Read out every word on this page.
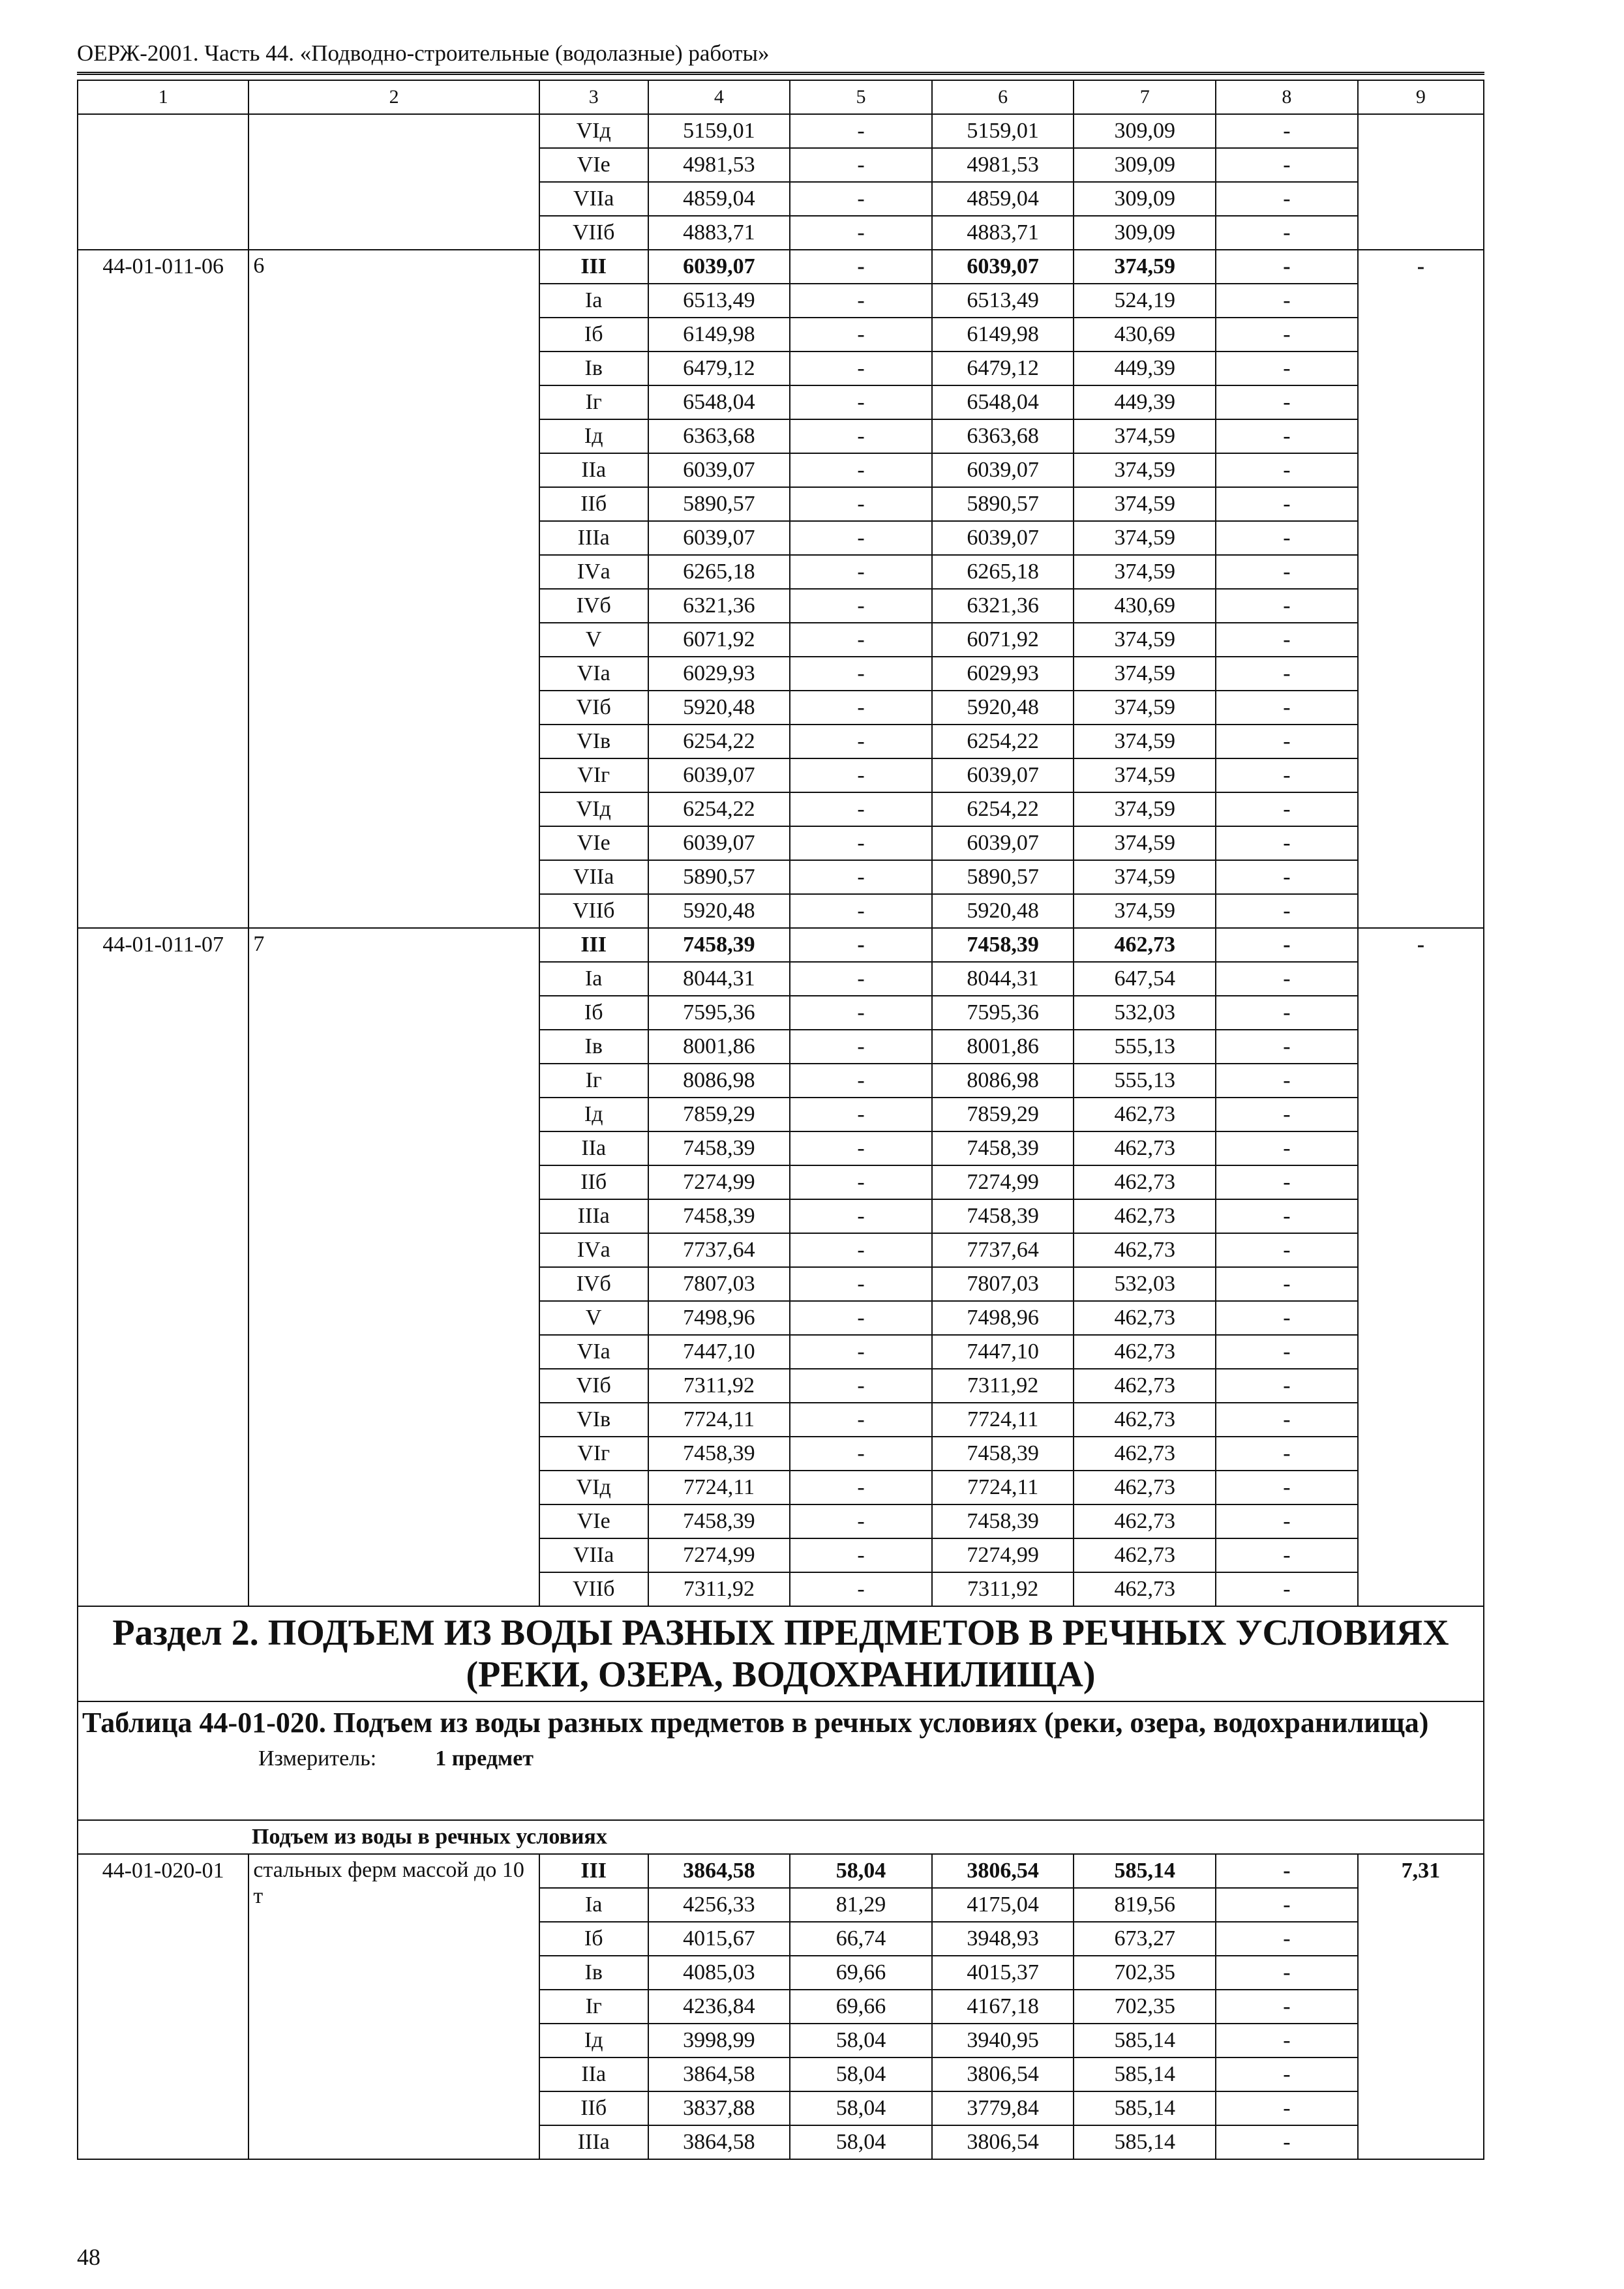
ОЕРЖ-2001. Часть 44. «Подводно-строительные (водолазные) работы»
1	2	3	4	5	6	7	8	9
		VIд	5159,01	-	5159,01	309,09	-	
		VIе	4981,53	-	4981,53	309,09	-	
		VIIа	4859,04	-	4859,04	309,09	-	
		VIIб	4883,71	-	4883,71	309,09	-	
44-01-011-06	6	III	6039,07	-	6039,07	374,59	-	-
		Iа	6513,49	-	6513,49	524,19	-	
		Iб	6149,98	-	6149,98	430,69	-	
		Iв	6479,12	-	6479,12	449,39	-	
		Iг	6548,04	-	6548,04	449,39	-	
		Iд	6363,68	-	6363,68	374,59	-	
		IIа	6039,07	-	6039,07	374,59	-	
		IIб	5890,57	-	5890,57	374,59	-	
		IIIа	6039,07	-	6039,07	374,59	-	
		IVа	6265,18	-	6265,18	374,59	-	
		IVб	6321,36	-	6321,36	430,69	-	
		V	6071,92	-	6071,92	374,59	-	
		VIа	6029,93	-	6029,93	374,59	-	
		VIб	5920,48	-	5920,48	374,59	-	
		VIв	6254,22	-	6254,22	374,59	-	
		VIг	6039,07	-	6039,07	374,59	-	
		VIд	6254,22	-	6254,22	374,59	-	
		VIе	6039,07	-	6039,07	374,59	-	
		VIIа	5890,57	-	5890,57	374,59	-	
		VIIб	5920,48	-	5920,48	374,59	-	
44-01-011-07	7	III	7458,39	-	7458,39	462,73	-	-
		Iа	8044,31	-	8044,31	647,54	-	
		Iб	7595,36	-	7595,36	532,03	-	
		Iв	8001,86	-	8001,86	555,13	-	
		Iг	8086,98	-	8086,98	555,13	-	
		Iд	7859,29	-	7859,29	462,73	-	
		IIа	7458,39	-	7458,39	462,73	-	
		IIб	7274,99	-	7274,99	462,73	-	
		IIIа	7458,39	-	7458,39	462,73	-	
		IVа	7737,64	-	7737,64	462,73	-	
		IVб	7807,03	-	7807,03	532,03	-	
		V	7498,96	-	7498,96	462,73	-	
		VIа	7447,10	-	7447,10	462,73	-	
		VIб	7311,92	-	7311,92	462,73	-	
		VIв	7724,11	-	7724,11	462,73	-	
		VIг	7458,39	-	7458,39	462,73	-	
		VIд	7724,11	-	7724,11	462,73	-	
		VIе	7458,39	-	7458,39	462,73	-	
		VIIа	7274,99	-	7274,99	462,73	-	
		VIIб	7311,92	-	7311,92	462,73	-	
Раздел 2. ПОДЪЕМ ИЗ ВОДЫ РАЗНЫХ ПРЕДМЕТОВ В РЕЧНЫХ УСЛОВИЯХ (РЕКИ, ОЗЕРА, ВОДОХРАНИЛИЩА)								

Таблица 44-01-020. Подъем из воды разных предметов в речных условиях (реки, озера, водохранилища)
Измеритель: 1 предмет								

Подъем из воды в речных условиях								
44-01-020-01	стальных ферм массой до 10 т	III	3864,58	58,04	3806,54	585,14	-	7,31
		Iа	4256,33	81,29	4175,04	819,56	-	
		Iб	4015,67	66,74	3948,93	673,27	-	
		Iв	4085,03	69,66	4015,37	702,35	-	
		Iг	4236,84	69,66	4167,18	702,35	-	
		Iд	3998,99	58,04	3940,95	585,14	-	
		IIа	3864,58	58,04	3806,54	585,14	-	
		IIб	3837,88	58,04	3779,84	585,14	-	
		IIIа	3864,58	58,04	3806,54	585,14	-	
48
